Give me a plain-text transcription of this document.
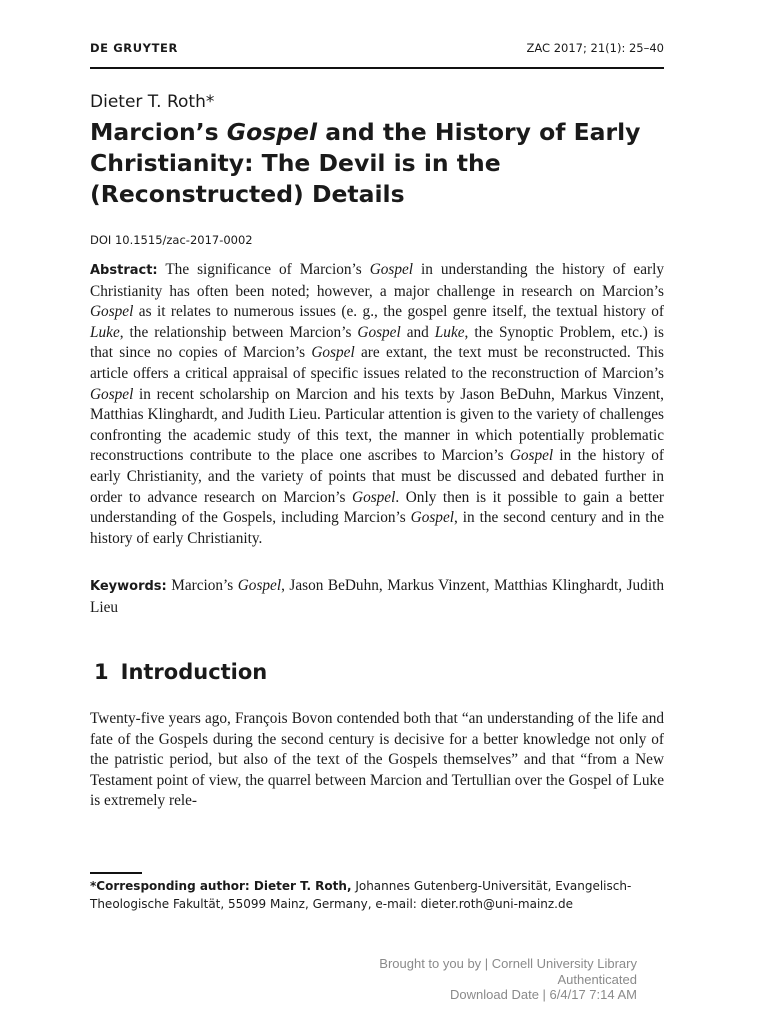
DE GRUYTER	ZAC 2017; 21(1): 25–40
Dieter T. Roth*
Marcion’s Gospel and the History of Early Christianity: The Devil is in the (Reconstructed) Details
DOI 10.1515/zac-2017-0002
Abstract: The significance of Marcion’s Gospel in understanding the history of early Christianity has often been noted; however, a major challenge in research on Marcion’s Gospel as it relates to numerous issues (e. g., the gospel genre itself, the textual history of Luke, the relationship between Marcion’s Gospel and Luke, the Synoptic Problem, etc.) is that since no copies of Marcion’s Gospel are extant, the text must be reconstructed. This article offers a critical appraisal of specific issues related to the reconstruction of Marcion’s Gospel in recent scholarship on Marcion and his texts by Jason BeDuhn, Markus Vinzent, Matthias Klinghardt, and Judith Lieu. Particular attention is given to the variety of challenges confronting the academic study of this text, the manner in which potentially problematic reconstructions contribute to the place one ascribes to Marcion’s Gospel in the history of early Christianity, and the variety of points that must be discussed and debated further in order to advance research on Marcion’s Gospel. Only then is it possible to gain a better understanding of the Gospels, including Marcion’s Gospel, in the second century and in the history of early Christianity.
Keywords: Marcion’s Gospel, Jason BeDuhn, Markus Vinzent, Matthias Klinghardt, Judith Lieu
1 Introduction
Twenty-five years ago, François Bovon contended both that “an understanding of the life and fate of the Gospels during the second century is decisive for a better knowledge not only of the patristic period, but also of the text of the Gospels themselves” and that “from a New Testament point of view, the quarrel between Marcion and Tertullian over the Gospel of Luke is extremely rele-
*Corresponding author: Dieter T. Roth, Johannes Gutenberg-Universität, Evangelisch-Theologische Fakultät, 55099 Mainz, Germany, e-mail: dieter.roth@uni-mainz.de
Brought to you by | Cornell University Library
Authenticated
Download Date | 6/4/17 7:14 AM
